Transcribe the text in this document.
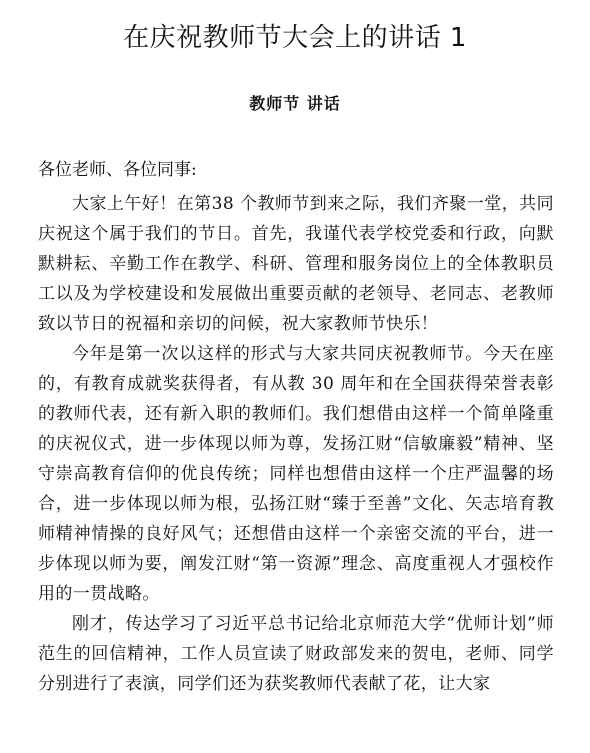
在庆祝教师节大会上的讲话 1

教师节 讲话

各位老师、各位同事:

大家上午好！在第38 个教师节到来之际，我们齐聚一堂，共同庆祝这个属于我们的节日。首先，我谨代表学校党委和行政，向默默耕耘、辛勤工作在教学、科研、管理和服务岗位上的全体教职员工以及为学校建设和发展做出重要贡献的老领导、老同志、老教师致以节日的祝福和亲切的问候，祝大家教师节快乐！

今年是第一次以这样的形式与大家共同庆祝教师节。今天在座的，有教育成就奖获得者，有从教 30 周年和在全国获得荣誉表彰的教师代表，还有新入职的教师们。我们想借由这样一个简单隆重的庆祝仪式，进一步体现以师为尊，发扬江财“信敏廉毅”精神、坚守崇高教育信仰的优良传统；同样也想借由这样一个庄严温馨的场合，进一步体现以师为根，弘扬江财“臻于至善”文化、矢志培育教师精神情操的良好风气；还想借由这样一个亲密交流的平台，进一步体现以师为要，阐发江财“第一资源”理念、高度重视人才强校作用的一贯战略。

刚才，传达学习了习近平总书记给北京师范大学“优师计划”师范生的回信精神，工作人员宣读了财政部发来的贺电，老师、同学分别进行了表演，同学们还为获奖教师代表献了花，让大家
